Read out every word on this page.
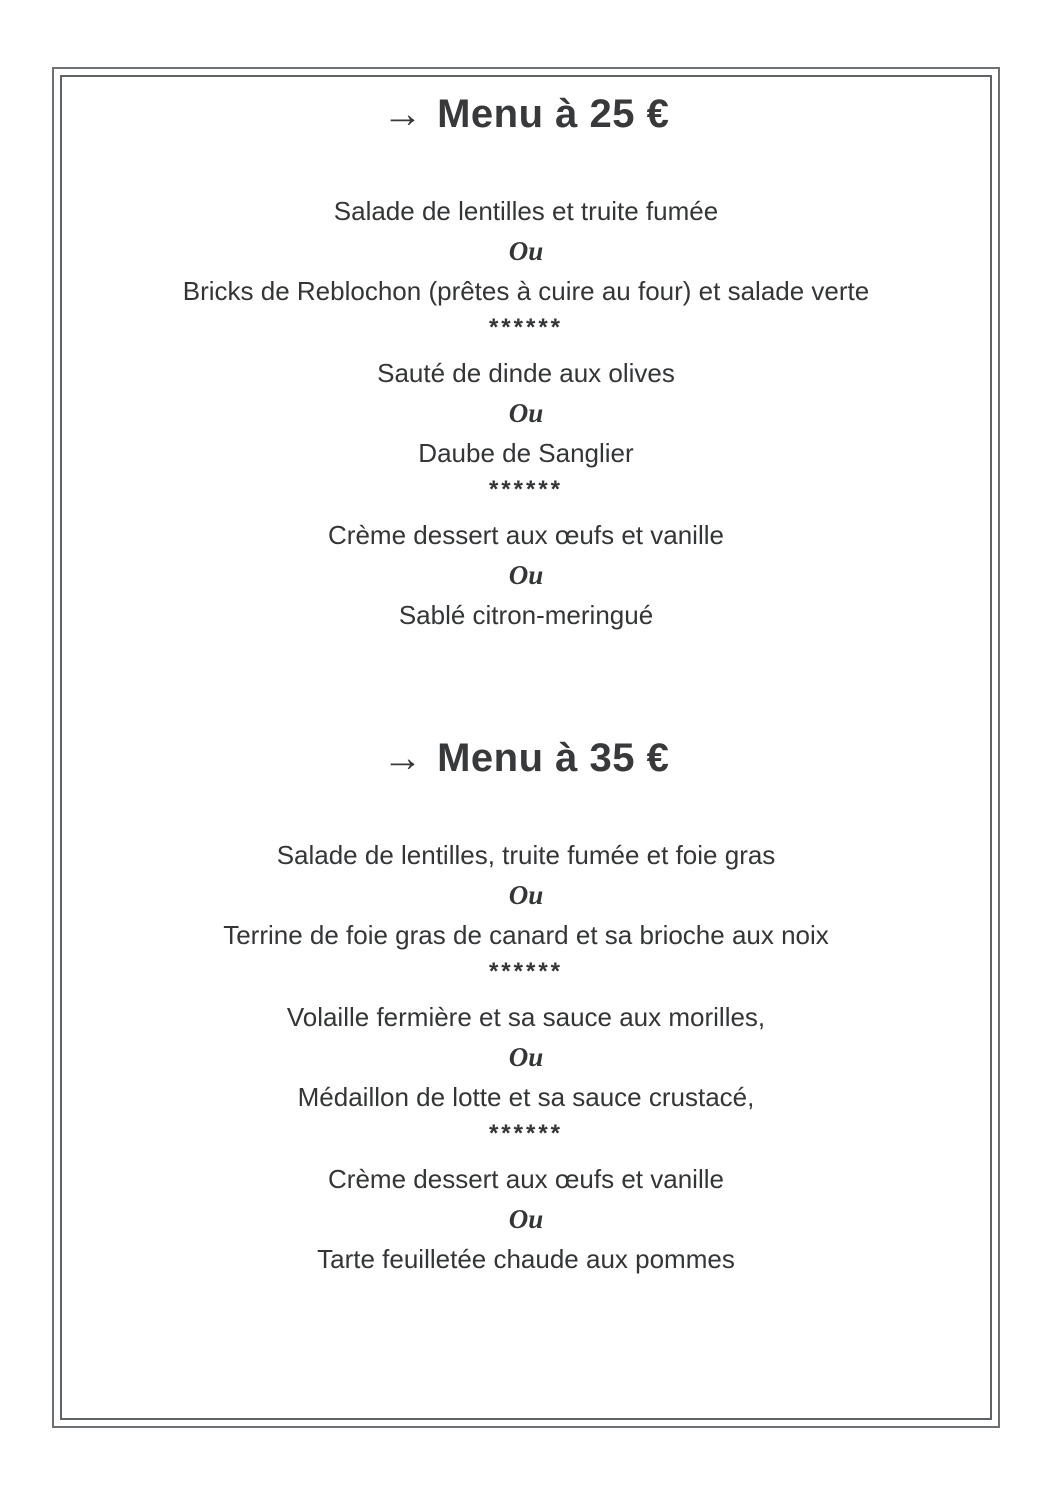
→ Menu à 25 €

Salade de lentilles et truite fumée

Ou

Bricks de Reblochon (prêtes à cuire au four) et salade verte

******

Sauté de dinde aux olives

Ou

Daube de Sanglier

******

Crème dessert aux œufs et vanille

Ou

Sablé citron-meringué

→ Menu à 35 €

Salade de lentilles, truite fumée et foie gras

Ou

Terrine de foie gras de canard et sa brioche aux noix

******

Volaille fermière et sa sauce aux morilles,

Ou

Médaillon de lotte et sa sauce crustacé,

******

Crème dessert aux œufs et vanille

Ou

Tarte feuilletée chaude aux pommes
